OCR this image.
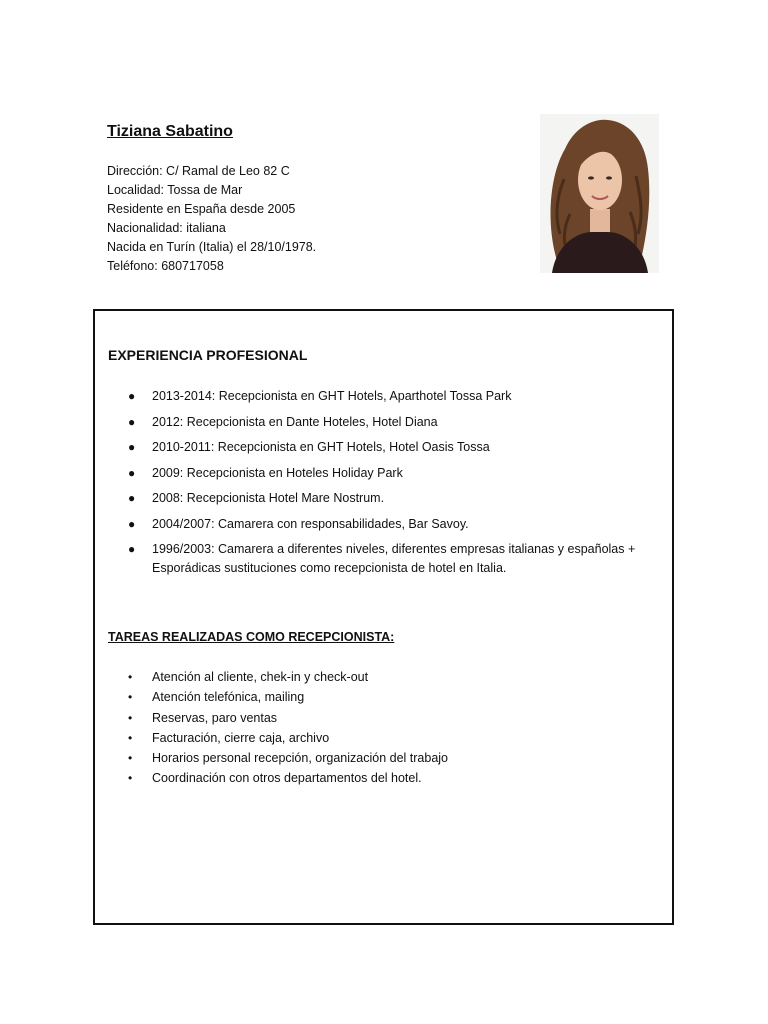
Tiziana Sabatino
Dirección: C/ Ramal de Leo 82 C
Localidad: Tossa de Mar
Residente en España desde 2005
Nacionalidad: italiana
Nacida en Turín (Italia) el 28/10/1978.
Teléfono: 680717058
EXPERIENCIA PROFESIONAL
● 2013-2014: Recepcionista en GHT Hotels, Aparthotel Tossa Park
● 2012: Recepcionista en Dante Hoteles, Hotel Diana
● 2010-2011: Recepcionista en GHT Hotels, Hotel Oasis Tossa
● 2009: Recepcionista en Hoteles Holiday Park
● 2008: Recepcionista Hotel Mare Nostrum.
● 2004/2007: Camarera con responsabilidades, Bar Savoy.
● 1996/2003: Camarera a diferentes niveles, diferentes empresas italianas y españolas + Esporádicas sustituciones como recepcionista de hotel en Italia.
TAREAS REALIZADAS COMO RECEPCIONISTA:
• Atención al cliente, chek-in y check-out
• Atención telefónica, mailing
• Reservas, paro ventas
• Facturación, cierre caja, archivo
• Horarios personal recepción, organización del trabajo
• Coordinación con otros departamentos del hotel.
